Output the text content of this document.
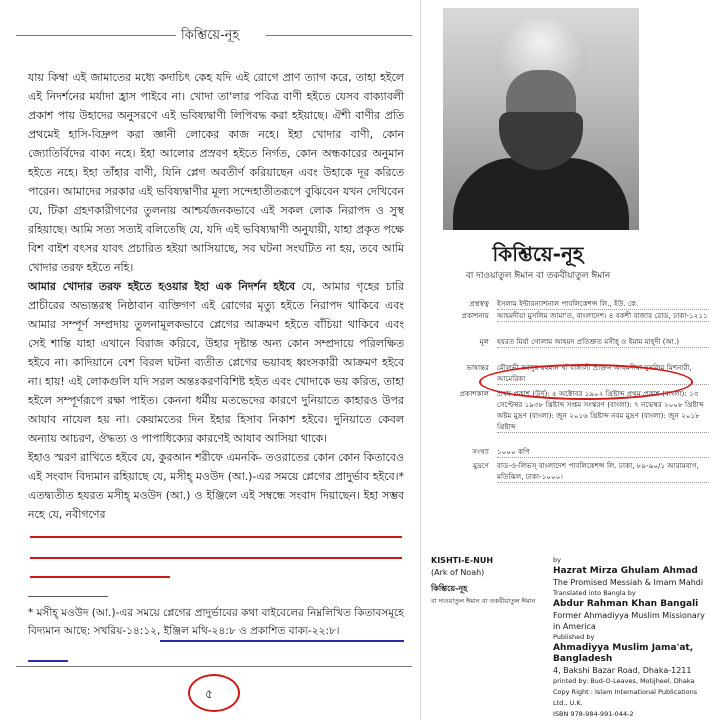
কিশ্তিয়ে-নূহ

যায় কিম্বা এই জামাতের মধ্যে কদাচিৎ কেহ যদি এই রোগে প্রাণ ত্যাগ করে, তাহা হইলে এই নিদর্শনের মর্যাদা হ্রাস পাইবে না। খোদা তা'লার পবিত্র বাণী হইতে যেসব বাক্যাবলী প্রকাশ পায় উহাদের অনুসরণে এই ভবিষ্যদ্বাণী লিপিবদ্ধ করা হইয়াছে। ঐশী বাণীর প্রতি প্রথমেই হাসি-বিদ্রুপ করা জ্ঞানী লোকের কাজ নহে। ইহা খোদার বাণী, কোন জ্যোতির্বিদের বাক্য নহে। ইহা আলোর প্রস্রবণ হইতে নির্গত, কোন অন্ধকারের অনুমান হইতে নহে। ইহা তাঁহার বাণী, যিনি প্লেগ অবতীর্ণ করিয়াছেন এবং উহাকে দূর করিতে পারেন। আমাদের সরকার এই ভবিষ্যদ্বাণীর মূল্য সন্দেহাতীতরূপে বুঝিবেন যখন দেখিবেন যে, টিকা গ্রহণকারীগণের তুলনায় আশ্চর্যজনকভাবে এই সকল লোক নিরাপদ ও সুস্থ রহিয়াছে। আমি সত্য সত্যই বলিতেছি যে, যদি এই ভবিষ্যদ্বাণী অনুযায়ী, যাহা প্রকৃত পক্ষে বিশ বাইশ বৎসর যাবৎ প্রচারিত হইয়া আসিয়াছে, সব ঘটনা সংঘটিত না হয়, তবে আমি খোদার তরফ হইতে নহি।

আমার খোদার তরফ হইতে হওয়ার ইহা এক নিদর্শন হইবে যে, আমার গৃহের চারি প্রাচীরের অভ্যন্তরস্থ নিষ্ঠাবান ব্যক্তিগণ এই রোগের মৃত্যু হইতে নিরাপদ থাকিবে এবং আমার সম্পূর্ণ সম্প্রদায় তুলনামূলকভাবে প্লেগের আক্রমণ হইতে বাঁচিয়া থাকিবে এবং সেই শান্তি যাহা এখানে বিরাজ করিবে, উহার দৃষ্টান্ত অন্য কোন সম্প্রদায়ে পরিলক্ষিত হইবে না। কাদিয়ানে বেশ বিরল ঘটনা ব্যতীত প্লেগের ভয়াবহ ধ্বংসকারী আক্রমণ হইবে না। হায়! এই লোকগুলি যদি সরল অন্তঃকরণবিশিষ্ট হইত এবং খোদাকে ভয় করিত, তাহা হইলে সম্পূর্ণরূপে রক্ষা পাইত। কেননা ধর্মীয় মতভেদের কারণে দুনিয়াতে কাহারও উপর আযাব নাযেল হয় না। কেয়ামতের দিন ইহার হিসাব নিকাশ হইবে। দুনিয়াতে কেবল অন্যায় আচরণ, ঔদ্ধত্য ও পাপাধিক্যের কারণেই আযাব আসিয়া থাকে।

ইহাও স্মরণ রাখিতে হইবে যে, কুরআন শরীফে এমনকি- তওরাতের কোন কোন কিতাবেও এই সংবাদ বিদ্যমান রহিয়াছে যে, মসীহ্ মওউদ (আ.)-এর সময়ে প্লেগের প্রাদুর্ভাব হইবে।* এতদ্ব্যতীত হযরত মসীহ্ মওউদ (আ.) ও ইঞ্জিলে এই সম্বন্ধে সংবাদ দিয়াছেন। ইহা সম্ভব নহে যে, নবীগণের

* মসীহ্ মওউদ (আ.)-এর সময়ে প্লেগের প্রাদুর্ভাবের কথা বাইবেলের নিম্নলিখিত কিতাবসমূহে বিদ্যমান আছে: সখরিয়-১৪:১২, ইঞ্জিল মথি-২৪:৮ ও প্রকাশিত বাক্য-২২:৮।
৫
কিশ্তিয়ে-নূহ
বা দাওয়াতুল ঈমান বা তকবীয়াতুল ঈমান
প্রস্থস্বত্ব ইসলাম ইন্টারন্যাশনাল পাবলিকেশন্স লি., ইউ. কে.
প্রকাশনায় আহমদীয়া মুসলিম জামা'ত, বাংলাদেশ। ৪ বকশী বাজার রোড, ঢাকা-১২১১
মূল হযরত মির্যা গোলাম আহমদ প্রতিশ্রুত মসীহ্ ও ইমাম মাহ্দী (আ.)
ভাষান্তর মৌলভী আব্দুর রহমান খাঁ বাঙ্গালী প্রাক্তন আহমদীয়া মুসলিম মিশনারী, আমেরিকা
প্রকাশকাল প্রথম প্রকাশ (উর্দু): ৫ অক্টোবর ১৯০২ খ্রিষ্টাব্দ প্রথম প্রকাশ (বাংলা): ১৩ সেপ্টেম্বর ১৯৩৮ খ্রিষ্টাব্দ সপ্তম সংস্করণ (বাংলা): ৭ নভেম্বর ২০০৮ খ্রিষ্টাব্দ অষ্টম মুদ্রণ (বাংলা): জুন ২০১৬ খ্রিষ্টাব্দ নবম মুদ্রণ (বাংলা): জুন ২০১৮ খ্রিষ্টাব্দ
সংখ্যা ১০০০ কপি
মুদ্রণে বাড-ও-লিভস্ বাংলাদেশ পাবলিকেশন্স লি. ঢাকা, ৮৯-৯০/১ আরামবাগ, মতিঝিল, ঢাকা-১০০০।
KISHTI-E-NUH
(Ark of Noah)
কিশ্তিয়ে-নূহ
বা দাওয়াতুল ঈমান বা তকবীয়াতুল ঈমান
by
Hazrat Mirza Ghulam Ahmad
The Promised Messiah & Imam Mahdi
Translated into Bangla by
Abdur Rahman Khan Bangali
Former Ahmadiyya Muslim Missionary in America
Published by
Ahmadiyya Muslim Jama'at, Bangladesh
4, Bakshi Bazar Road, Dhaka-1211
printed by: Bud-O-Leaves, Motijheel, Dhaka
Copy Right : Islam International Publications Ltd., U.K.
ISBN 978-984-991-044-2
